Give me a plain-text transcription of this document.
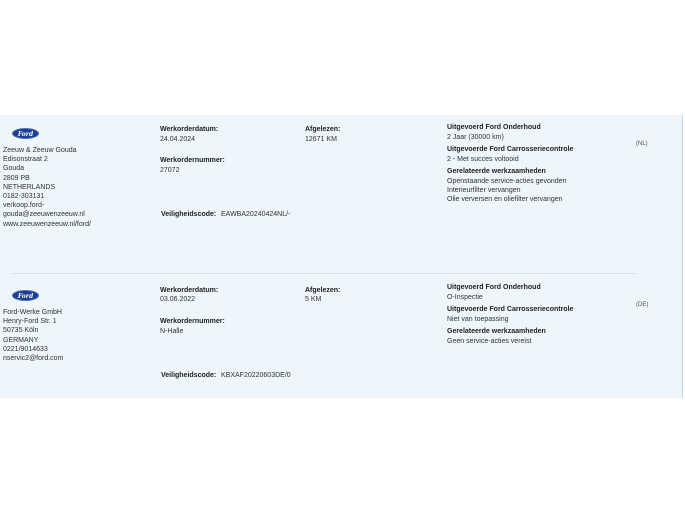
Ford
Zeeuw & Zeeuw Gouda
Edisonstraat 2
Gouda
2809 PB
NETHERLANDS
0182-303131
verkoop.ford-
gouda@zeeuwenzeeuw.nl
www.zeeuwenzeeuw.nl/ford/
Werkorderdatum:
24.04.2024
Werkordernummer:
27072
Veiligheidscode: EAWBA20240424NL/-
Afgelezen:
12671 KM
Uitgevoerd Ford Onderhoud
2 Jaar (30000 km)
Uitgevoerde Ford Carrosseriecontrole
2 - Met succes voltooid
Gerelateerde werkzaamheden
Openstaande service-acties gevonden
Interieurfilter vervangen
Olie verversen en oliefilter vervangen
(NL)
Ford
Ford-Werke GmbH
Henry-Ford Str. 1
50735 Köln
GERMANY
0221/9014633
nservic2@ford.com
Werkorderdatum:
03.06.2022
Werkordernummer:
N-Halle
Veiligheidscode: KBXAF20220603DE/0
Afgelezen:
5 KM
Uitgevoerd Ford Onderhoud
O-Inspectie
Uitgevoerde Ford Carrosseriecontrole
Niet van toepassing
Gerelateerde werkzaamheden
Geen service-acties vereist
(DE)
